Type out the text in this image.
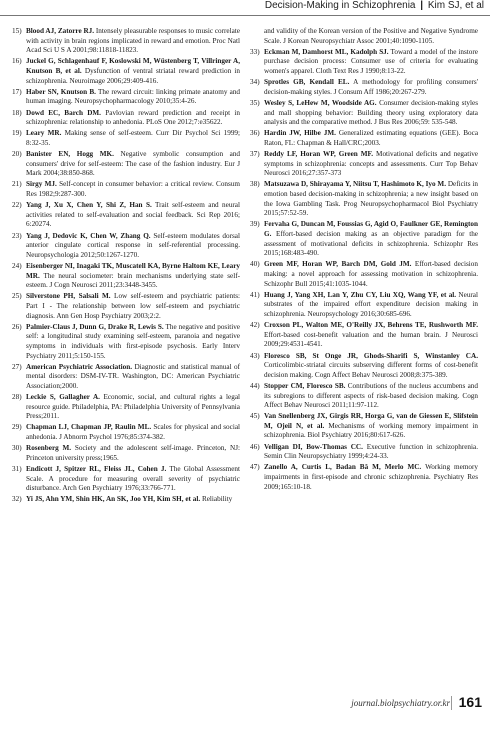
Decision-Making in Schizophrenia | Kim SJ, et al
15) Blood AJ, Zatorre RJ. Intensely pleasurable responses to music correlate with activity in brain regions implicated in reward and emotion. Proc Natl Acad Sci U S A 2001;98:11818-11823.
16) Juckel G, Schlagenhauf F, Koslowski M, Wüstenberg T, Villringer A, Knutson B, et al. Dysfunction of ventral striatal reward prediction in schizophrenia. Neuroimage 2006;29:409-416.
17) Haber SN, Knutson B. The reward circuit: linking primate anatomy and human imaging. Neuropsychopharmacology 2010;35:4-26.
18) Dowd EC, Barch DM. Pavlovian reward prediction and receipt in schizophrenia: relationship to anhedonia. PLoS One 2012;7:e35622.
19) Leary MR. Making sense of self-esteem. Curr Dir Psychol Sci 1999; 8:32-35.
20) Banister EN, Hogg MK. Negative symbolic consumption and consumers' drive for self-esteem: The case of the fashion industry. Eur J Mark 2004;38:850-868.
21) Sirgy MJ. Self-concept in consumer behavior: a critical review. Consum Res 1982;9:287-300.
22) Yang J, Xu X, Chen Y, Shi Z, Han S. Trait self-esteem and neural activities related to self-evaluation and social feedback. Sci Rep 2016; 6:20274.
23) Yang J, Dedovic K, Chen W, Zhang Q. Self-esteem modulates dorsal anterior cingulate cortical response in self-referential processing. Neuropsychologia 2012;50:1267-1270.
24) Eisenberger NI, Inagaki TK, Muscatell KA, Byrne Haltom KE, Leary MR. The neural sociometer: brain mechanisms underlying state self-esteem. J Cogn Neurosci 2011;23:3448-3455.
25) Silverstone PH, Salsali M. Low self-esteem and psychiatric patients: Part I - The relationship between low self-esteem and psychiatric diagnosis. Ann Gen Hosp Psychiatry 2003;2:2.
26) Palmier-Claus J, Dunn G, Drake R, Lewis S. The negative and positive self: a longitudinal study examining self-esteem, paranoia and negative symptoms in individuals with first-episode psychosis. Early Interv Psychiatry 2011;5:150-155.
27) American Psychiatric Association. Diagnostic and statistical manual of mental disorders: DSM-IV-TR. Washington, DC: American Psychiatric Association;2000.
28) Leckie S, Gallagher A. Economic, social, and cultural rights a legal resource guide. Philadelphia, PA: Philadelphia University of Pennsylvania Press;2011.
29) Chapman LJ, Chapman JP, Raulin ML. Scales for physical and social anhedonia. J Abnorm Psychol 1976;85:374-382.
30) Rosenberg M. Society and the adolescent self-image. Princeton, NJ: Princeton university press;1965.
31) Endicott J, Spitzer RL, Fleiss JL, Cohen J. The Global Assessment Scale. A procedure for measuring overall severity of psychiatric disturbance. Arch Gen Psychiatry 1976;33:766-771.
32) Yi JS, Ahn YM, Shin HK, An SK, Joo YH, Kim SH, et al. Reliability
and validity of the Korean version of the Positive and Negative Syndrome Scale. J Korean Neuropsychiatr Assoc 2001;40:1090-1105.
33) Eckman M, Damhorst ML, Kadolph SJ. Toward a model of the instore purchase decision process: Consumer use of criteria for evaluating women's apparel. Cloth Text Res J 1990;8:13-22.
34) Sprotles GB, Kendall EL. A methodology for profiling consumers' decision-making styles. J Consum Aff 1986;20:267-279.
35) Wesley S, LeHew M, Woodside AG. Consumer decision-making styles and mall shopping behavior: Building theory using exploratory data analysis and the comparative method. J Bus Res 2006;59: 535-548.
36) Hardin JW, Hilbe JM. Generalized estimating equations (GEE). Boca Raton, FL: Chapman & Hall/CRC;2003.
37) Reddy LF, Horan WP, Green MF. Motivational deficits and negative symptoms in schizophrenia: concepts and assessments. Curr Top Behav Neurosci 2016;27:357-373
38) Matsuzawa D, Shirayama Y, Niitsu T, Hashimoto K, Iyo M. Deficits in emotion based decision-making in schizophrenia; a new insight based on the Iowa Gambling Task. Prog Neuropsychopharmacol Biol Psychiatry 2015;57:52-59.
39) Fervaha G, Duncan M, Foussias G, Agid O, Faulkner GE, Remington G. Effort-based decision making as an objective paradigm for the assessment of motivational deficits in schizophrenia. Schizophr Res 2015;168:483-490.
40) Green MF, Horan WP, Barch DM, Gold JM. Effort-based decision making: a novel approach for assessing motivation in schizophrenia. Schizophr Bull 2015;41:1035-1044.
41) Huang J, Yang XH, Lan Y, Zhu CY, Liu XQ, Wang YF, et al. Neural substrates of the impaired effort expenditure decision making in schizophrenia. Neuropsychology 2016;30:685-696.
42) Croxson PL, Walton ME, O'Reilly JX, Behrens TE, Rushworth MF. Effort-based cost-benefit valuation and the human brain. J Neurosci 2009;29:4531-4541.
43) Floresco SB, St Onge JR, Ghods-Sharifi S, Winstanley CA. Corticolimbic-striatal circuits subserving different forms of cost-benefit decision making. Cogn Affect Behav Neurosci 2008;8:375-389.
44) Stopper CM, Floresco SB. Contributions of the nucleus accumbens and its subregions to different aspects of risk-based decision making. Cogn Affect Behav Neurosci 2011;11:97-112.
45) Van Snellenberg JX, Girgis RR, Horga G, van de Giessen E, Slifstein M, Ojeil N, et al. Mechanisms of working memory impairment in schizophrenia. Biol Psychiatry 2016;80:617-626.
46) Velligan DI, Bow-Thomas CC. Executive function in schizophrenia. Semin Clin Neuropsychiatry 1999;4:24-33.
47) Zanello A, Curtis L, Badan Bâ M, Merlo MC. Working memory impairments in first-episode and chronic schizophrenia. Psychiatry Res 2009;165:10-18.
journal.biolpsychiatry.or.kr 161
